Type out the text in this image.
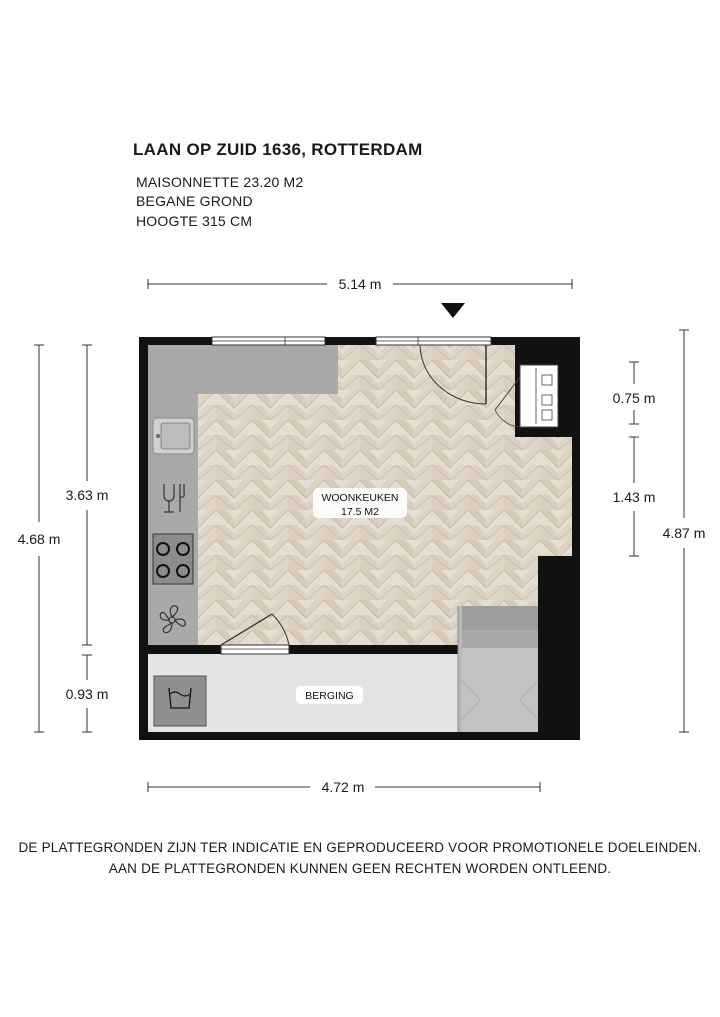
LAAN OP ZUID 1636, ROTTERDAM
MAISONNETTE 23.20 M2
BEGANE GROND
HOOGTE 315 CM
WOONKEUKEN
17.5 M2
BERGING
5.14 m
4.72 m
4.68 m
3.63 m
0.93 m
0.75 m
1.43 m
4.87 m
DE PLATTEGRONDEN ZIJN TER INDICATIE EN GEPRODUCEERD VOOR PROMOTIONELE DOELEINDEN.
AAN DE PLATTEGRONDEN KUNNEN GEEN RECHTEN WORDEN ONTLEEND.
